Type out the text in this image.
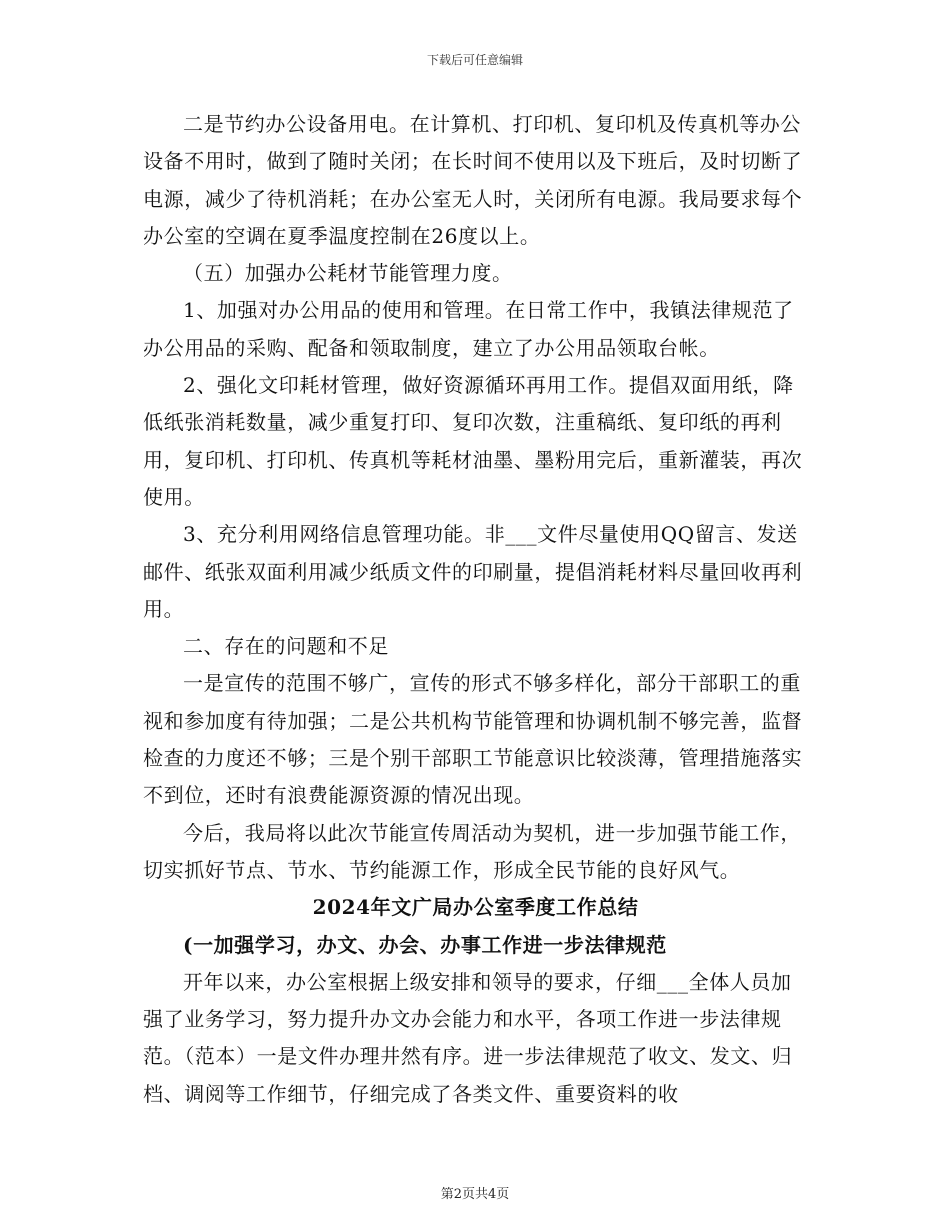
下载后可任意编辑

二是节约办公设备用电。在计算机、打印机、复印机及传真机等办公设备不用时，做到了随时关闭；在长时间不使用以及下班后，及时切断了电源，减少了待机消耗；在办公室无人时，关闭所有电源。我局要求每个办公室的空调在夏季温度控制在26度以上。

（五）加强办公耗材节能管理力度。

1、加强对办公用品的使用和管理。在日常工作中，我镇法律规范了办公用品的采购、配备和领取制度，建立了办公用品领取台帐。

2、强化文印耗材管理，做好资源循环再用工作。提倡双面用纸，降低纸张消耗数量，减少重复打印、复印次数，注重稿纸、复印纸的再利用，复印机、打印机、传真机等耗材油墨、墨粉用完后，重新灌装，再次使用。

3、充分利用网络信息管理功能。非___文件尽量使用QQ留言、发送邮件、纸张双面利用减少纸质文件的印刷量，提倡消耗材料尽量回收再利用。

二、存在的问题和不足

一是宣传的范围不够广，宣传的形式不够多样化，部分干部职工的重视和参加度有待加强；二是公共机构节能管理和协调机制不够完善，监督检查的力度还不够；三是个别干部职工节能意识比较淡薄，管理措施落实不到位，还时有浪费能源资源的情况出现。

今后，我局将以此次节能宣传周活动为契机，进一步加强节能工作，切实抓好节点、节水、节约能源工作，形成全民节能的良好风气。

2024年文广局办公室季度工作总结

(一加强学习，办文、办会、办事工作进一步法律规范

开年以来，办公室根据上级安排和领导的要求，仔细___全体人员加强了业务学习，努力提升办文办会能力和水平，各项工作进一步法律规范。（范本）一是文件办理井然有序。进一步法律规范了收文、发文、归档、调阅等工作细节，仔细完成了各类文件、重要资料的收

第2页共4页
